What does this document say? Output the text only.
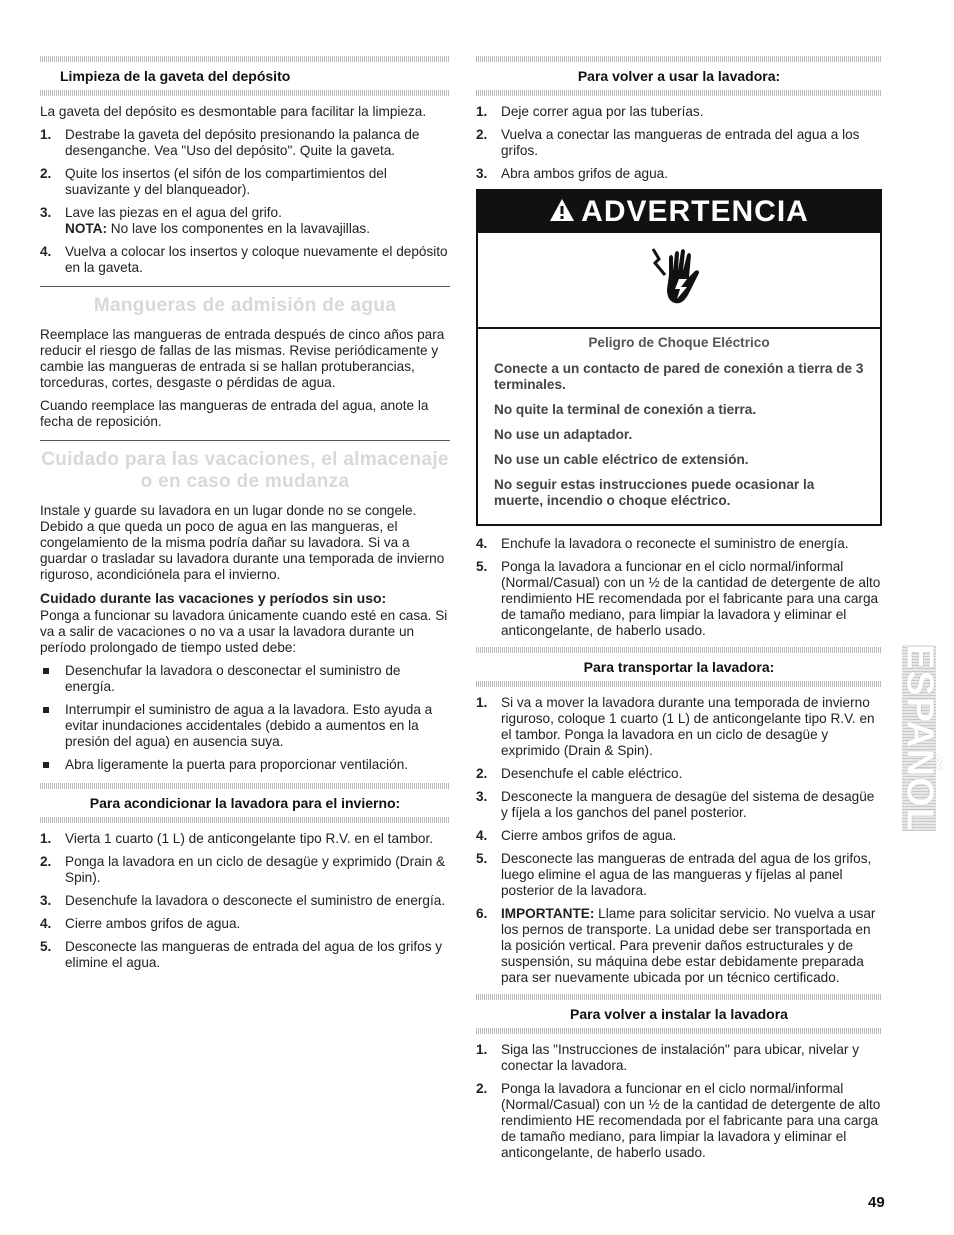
Limpieza de la gaveta del depósito

La gaveta del depósito es desmontable para facilitar la limpieza.

1. Destrabe la gaveta del depósito presionando la palanca de desenganche. Vea "Uso del depósito". Quite la gaveta.
2. Quite los insertos (el sifón de los compartimientos del suavizante y del blanqueador).
3. Lave las piezas en el agua del grifo.
NOTA: No lave los componentes en la lavavajillas.
4. Vuelva a colocar los insertos y coloque nuevamente el depósito en la gaveta.
Mangueras de admisión de agua

Reemplace las mangueras de entrada después de cinco años para reducir el riesgo de fallas de las mismas. Revise periódicamente y cambie las mangueras de entrada si se hallan protuberancias, torceduras, cortes, desgaste o pérdidas de agua.

Cuando reemplace las mangueras de entrada del agua, anote la fecha de reposición.

Cuidado para las vacaciones, el almacenaje
o en caso de mudanza

Instale y guarde su lavadora en un lugar donde no se congele. Debido a que queda un poco de agua en las mangueras, el congelamiento de la misma podría dañar su lavadora. Si va a guardar o trasladar su lavadora durante una temporada de invierno riguroso, acondiciónela para el invierno.

Cuidado durante las vacaciones y períodos sin uso:

Ponga a funcionar su lavadora únicamente cuando esté en casa. Si va a salir de vacaciones o no va a usar la lavadora durante un período prolongado de tiempo usted debe:

Desenchufar la lavadora o desconectar el suministro de energía.
Interrumpir el suministro de agua a la lavadora. Esto ayuda a evitar inundaciones accidentales (debido a aumentos en la presión del agua) en ausencia suya.
Abra ligeramente la puerta para proporcionar ventilación.
Para acondicionar la lavadora para el invierno:
1. Vierta 1 cuarto (1 L) de anticongelante tipo R.V. en el tambor.
2. Ponga la lavadora en un ciclo de desagüe y exprimido (Drain & Spin).
3. Desenchufe la lavadora o desconecte el suministro de energía.
4. Cierre ambos grifos de agua.
5. Desconecte las mangueras de entrada del agua de los grifos y elimine el agua.
Para volver a usar la lavadora:
1. Deje correr agua por las tuberías.
2. Vuelva a conectar las mangueras de entrada del agua a los grifos.
3. Abra ambos grifos de agua.
ADVERTENCIA
Peligro de Choque Eléctrico
Conecte a un contacto de pared de conexión a tierra de 3 terminales.
No quite la terminal de conexión a tierra.
No use un adaptador.
No use un cable eléctrico de extensión.
No seguir estas instrucciones puede ocasionar la muerte, incendio o choque eléctrico.
4. Enchufe la lavadora o reconecte el suministro de energía.
5. Ponga la lavadora a funcionar en el ciclo normal/informal (Normal/Casual) con un ½ de la cantidad de detergente de alto rendimiento HE recomendada por el fabricante para una carga de tamaño mediano, para limpiar la lavadora y eliminar el anticongelante, de haberlo usado.
Para transportar la lavadora:
1. Si va a mover la lavadora durante una temporada de invierno riguroso, coloque 1 cuarto (1 L) de anticongelante tipo R.V. en el tambor. Ponga la lavadora en un ciclo de desagüe y exprimido (Drain & Spin).
2. Desenchufe el cable eléctrico.
3. Desconecte la manguera de desagüe del sistema de desagüe y fíjela a los ganchos del panel posterior.
4. Cierre ambos grifos de agua.
5. Desconecte las mangueras de entrada del agua de los grifos, luego elimine el agua de las mangueras y fíjelas al panel posterior de la lavadora.
6. IMPORTANTE: Llame para solicitar servicio. No vuelva a usar los pernos de transporte. La unidad debe ser transportada en la posición vertical. Para prevenir daños estructurales y de suspensión, su máquina debe estar debidamente preparada para ser nuevamente ubicada por un técnico certificado.
Para volver a instalar la lavadora
1. Siga las "Instrucciones de instalación" para ubicar, nivelar y conectar la lavadora.
2. Ponga la lavadora a funcionar en el ciclo normal/informal (Normal/Casual) con un ½ de la cantidad de detergente de alto rendimiento HE recomendada por el fabricante para una carga de tamaño mediano, para limpiar la lavadora y eliminar el anticongelante, de haberlo usado.
ESPAÑOL
49
